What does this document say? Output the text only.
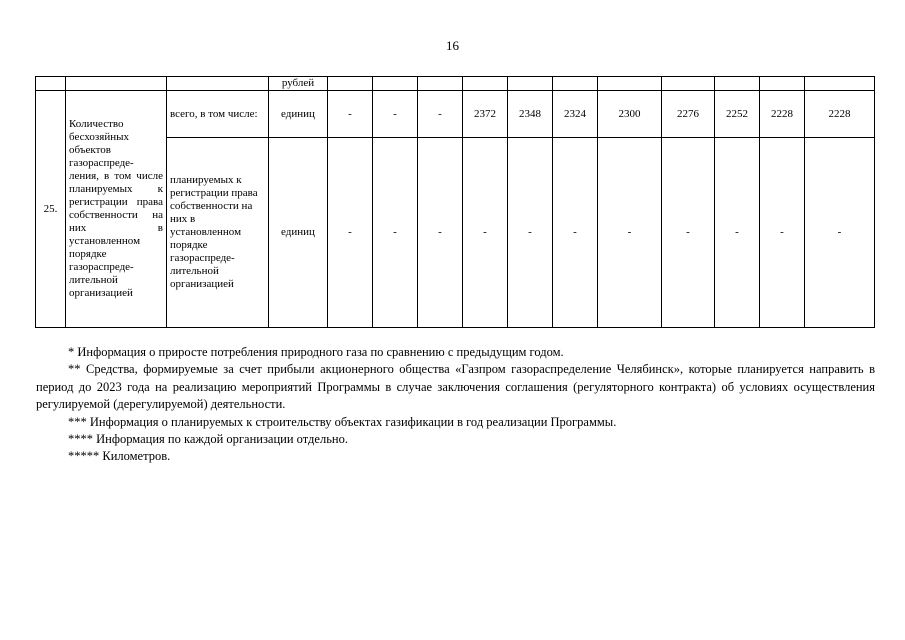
16
			рублей											
25.	Количество бесхозяйных объектов газораспреде-ления, в том числе планируемых к регистрации права собственности на них в установленном порядке газораспреде-лительной организацией	всего, в том числе:	единиц	-	-	-	2372	2348	2324	2300	2276	2252	2228	2228
		планируемых к регистрации права собственности на них в установленном порядке газораспреде-лительной организацией	единиц	-	-	-	-	-	-	-	-	-	-	-

* Информация о приросте потребления природного газа по сравнению с предыдущим годом.

** Средства, формируемые за счет прибыли акционерного общества «Газпром газораспределение Челябинск», которые планируется направить в период до 2023 года на реализацию мероприятий Программы в случае заключения соглашения (регуляторного контракта) об условиях осуществления регулируемой (дерегулируемой) деятельности.

*** Информация о планируемых к строительству объектах газификации в год реализации Программы.

**** Информация по каждой организации отдельно.

***** Километров.
